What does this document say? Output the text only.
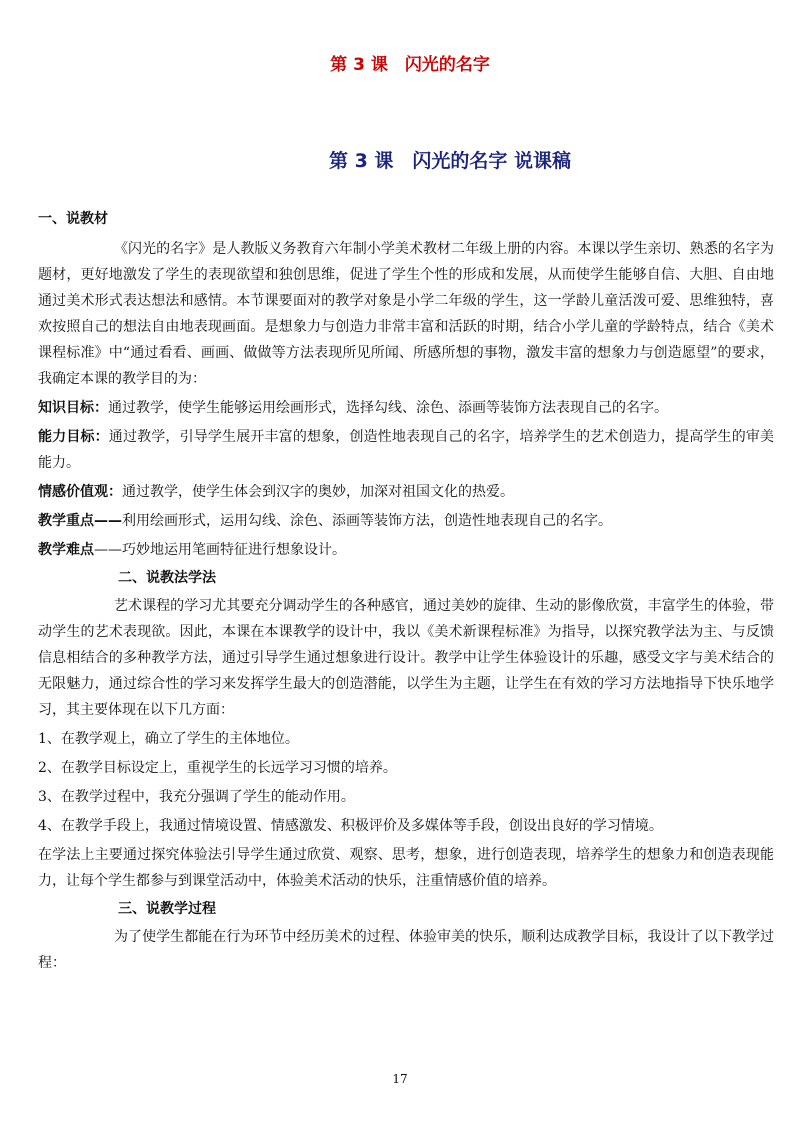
第 3 课　闪光的名字
第 3 课　闪光的名字 说课稿
一、说教材

《闪光的名字》是人教版义务教育六年制小学美术教材二年级上册的内容。本课以学生亲切、熟悉的名字为题材，更好地激发了学生的表现欲望和独创思维，促进了学生个性的形成和发展，从而使学生能够自信、大胆、自由地通过美术形式表达想法和感情。本节课要面对的教学对象是小学二年级的学生，这一学龄儿童活泼可爱、思维独特，喜欢按照自己的想法自由地表现画面。是想象力与创造力非常丰富和活跃的时期，结合小学儿童的学龄特点，结合《美术课程标准》中“通过看看、画画、做做等方法表现所见所闻、所感所想的事物，激发丰富的想象力与创造愿望”的要求，我确定本课的教学目的为：

知识目标：通过教学，使学生能够运用绘画形式，选择勾线、涂色、添画等装饰方法表现自己的名字。

能力目标：通过教学，引导学生展开丰富的想象，创造性地表现自己的名字，培养学生的艺术创造力，提高学生的审美能力。

情感价值观：通过教学，使学生体会到汉字的奥妙，加深对祖国文化的热爱。

教学重点——利用绘画形式，运用勾线、涂色、添画等装饰方法，创造性地表现自己的名字。

教学难点——巧妙地运用笔画特征进行想象设计。

二、说教法学法

艺术课程的学习尤其要充分调动学生的各种感官，通过美妙的旋律、生动的影像欣赏，丰富学生的体验，带动学生的艺术表现欲。因此，本课在本课教学的设计中，我以《美术新课程标准》为指导，以探究教学法为主、与反馈信息相结合的多种教学方法，通过引导学生通过想象进行设计。教学中让学生体验设计的乐趣，感受文字与美术结合的无限魅力，通过综合性的学习来发挥学生最大的创造潜能，以学生为主题，让学生在有效的学习方法地指导下快乐地学习，其主要体现在以下几方面：

1、在教学观上，确立了学生的主体地位。

2、在教学目标设定上，重视学生的长远学习习惯的培养。

3、在教学过程中，我充分强调了学生的能动作用。

4、在教学手段上，我通过情境设置、情感激发、积极评价及多媒体等手段，创设出良好的学习情境。

在学法上主要通过探究体验法引导学生通过欣赏、观察、思考，想象，进行创造表现，培养学生的想象力和创造表现能力，让每个学生都参与到课堂活动中，体验美术活动的快乐，注重情感价值的培养。

三、说教学过程

为了使学生都能在行为环节中经历美术的过程、体验审美的快乐，顺利达成教学目标，我设计了以下教学过程：

17
